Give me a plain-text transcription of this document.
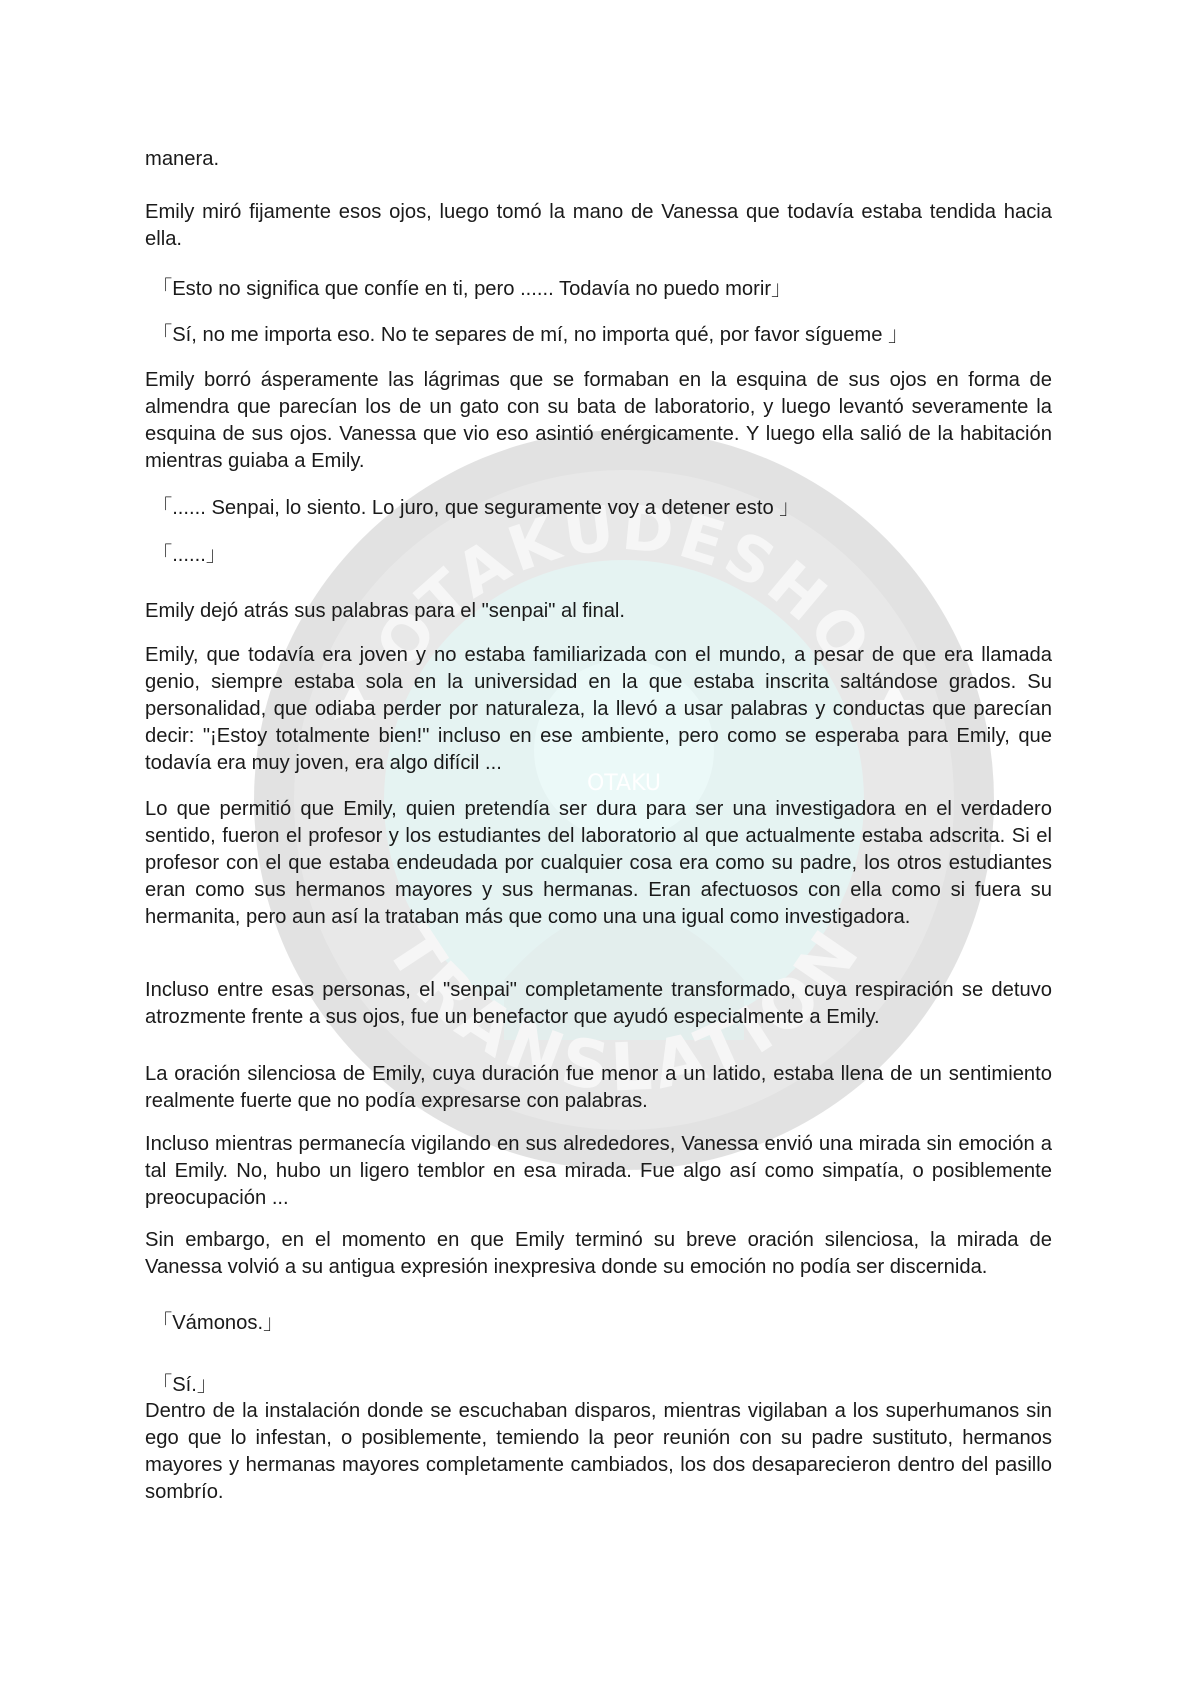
OTAKUDESHO
TRANSLATION
OTAKU

manera.

Emily miró fijamente esos ojos, luego tomó la mano de Vanessa que todavía estaba tendida hacia ella.

「Esto no significa que confíe en ti, pero ...... Todavía no puedo morir」

「Sí, no me importa eso. No te separes de mí, no importa qué, por favor sígueme 」

Emily borró ásperamente las lágrimas que se formaban en la esquina de sus ojos en forma de almendra que parecían los de un gato con su bata de laboratorio, y luego levantó severamente la esquina de sus ojos. Vanessa que vio eso asintió enérgicamente. Y luego ella salió de la habitación mientras guiaba a Emily.

「...... Senpai, lo siento. Lo juro, que seguramente voy a detener esto 」

「......」

Emily dejó atrás sus palabras para el "senpai" al final.

Emily, que todavía era joven y no estaba familiarizada con el mundo, a pesar de que era llamada genio, siempre estaba sola en la universidad en la que estaba inscrita saltándose grados. Su personalidad, que odiaba perder por naturaleza, la llevó a usar palabras y conductas que parecían decir: "¡Estoy totalmente bien!" incluso en ese ambiente, pero como se esperaba para Emily, que todavía era muy joven, era algo difícil ...

Lo que permitió que Emily, quien pretendía ser dura para ser una investigadora en el verdadero sentido, fueron el profesor y los estudiantes del laboratorio al que actualmente estaba adscrita. Si el profesor con el que estaba endeudada por cualquier cosa era como su padre, los otros estudiantes eran como sus hermanos mayores y sus hermanas. Eran afectuosos con ella como si fuera su hermanita, pero aun así la trataban más que como una una igual como investigadora.

Incluso entre esas personas, el "senpai" completamente transformado, cuya respiración se detuvo atrozmente frente a sus ojos, fue un benefactor que ayudó especialmente a Emily.

La oración silenciosa de Emily, cuya duración fue menor a un latido, estaba llena de un sentimiento realmente fuerte que no podía expresarse con palabras.

Incluso mientras permanecía vigilando en sus alrededores, Vanessa envió una mirada sin emoción a tal Emily. No, hubo un ligero temblor en esa mirada. Fue algo así como simpatía, o posiblemente preocupación ...

Sin embargo, en el momento en que Emily terminó su breve oración silenciosa, la mirada de Vanessa volvió a su antigua expresión inexpresiva donde su emoción no podía ser discernida.

「Vámonos.」

「Sí.」

Dentro de la instalación donde se escuchaban disparos, mientras vigilaban a los superhumanos sin ego que lo infestan, o posiblemente, temiendo la peor reunión con su padre sustituto, hermanos mayores y hermanas mayores completamente cambiados, los dos desaparecieron dentro del pasillo sombrío.
